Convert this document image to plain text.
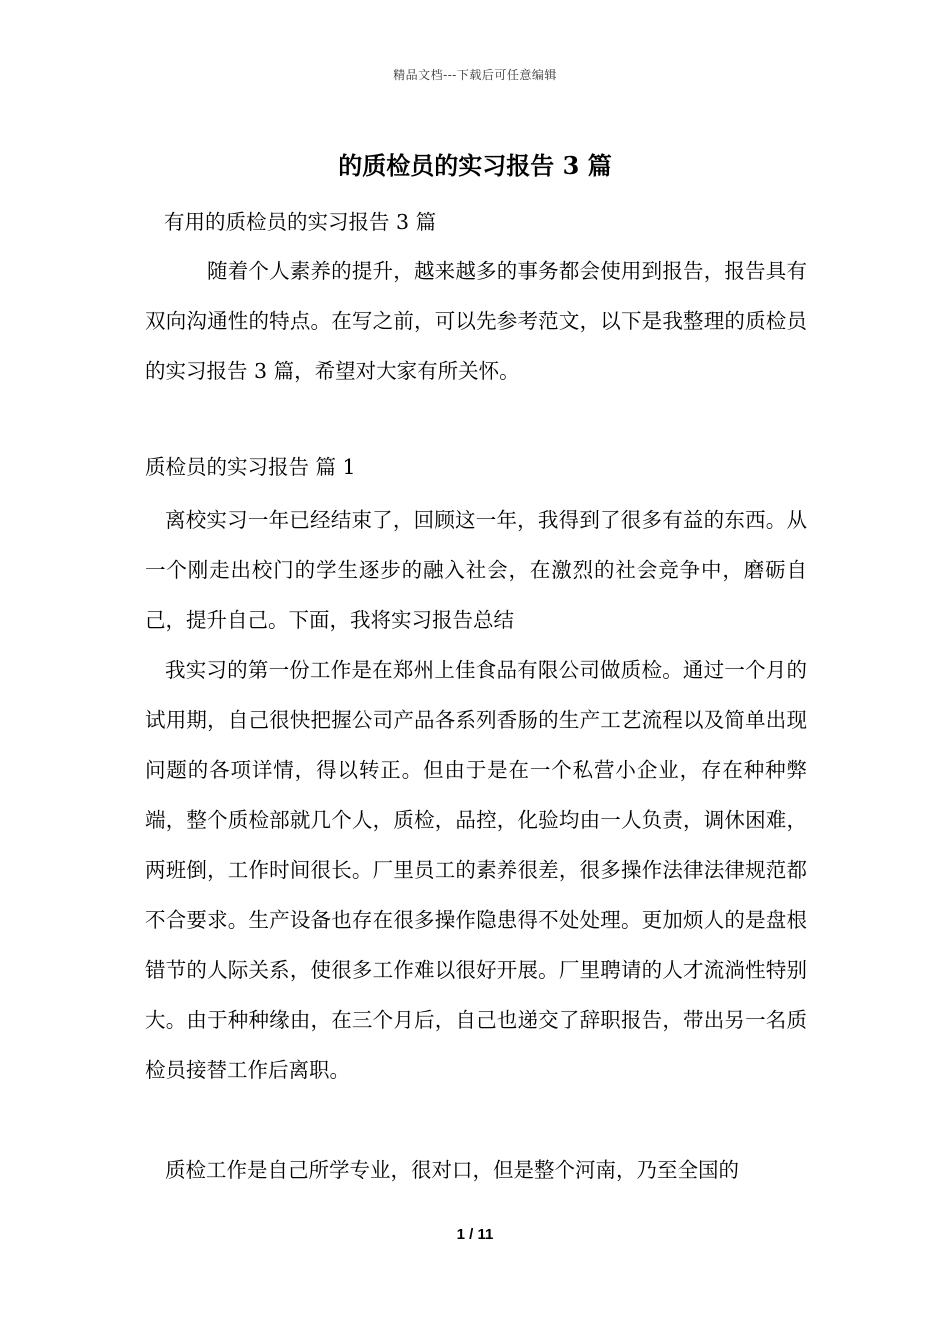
精品文档---下载后可任意编辑
的质检员的实习报告 3 篇
有用的质检员的实习报告 3 篇
随着个人素养的提升，越来越多的事务都会使用到报告，报告具有双向沟通性的特点。在写之前，可以先参考范文，以下是我整理的质检员的实习报告 3 篇，希望对大家有所关怀。
质检员的实习报告 篇 1
离校实习一年已经结束了，回顾这一年，我得到了很多有益的东西。从一个刚走出校门的学生逐步的融入社会，在激烈的社会竞争中，磨砺自己，提升自己。下面，我将实习报告总结
我实习的第一份工作是在郑州上佳食品有限公司做质检。通过一个月的试用期，自己很快把握公司产品各系列香肠的生产工艺流程以及简单出现问题的各项详情，得以转正。但由于是在一个私营小企业，存在种种弊端，整个质检部就几个人，质检，品控，化验均由一人负责，调休困难，两班倒，工作时间很长。厂里员工的素养很差，很多操作法律法律规范都不合要求。生产设备也存在很多操作隐患得不处处理。更加烦人的是盘根错节的人际关系，使很多工作难以很好开展。厂里聘请的人才流淌性特别大。由于种种缘由，在三个月后，自己也递交了辞职报告，带出另一名质检员接替工作后离职。
质检工作是自己所学专业，很对口，但是整个河南，乃至全国的
1 / 11
